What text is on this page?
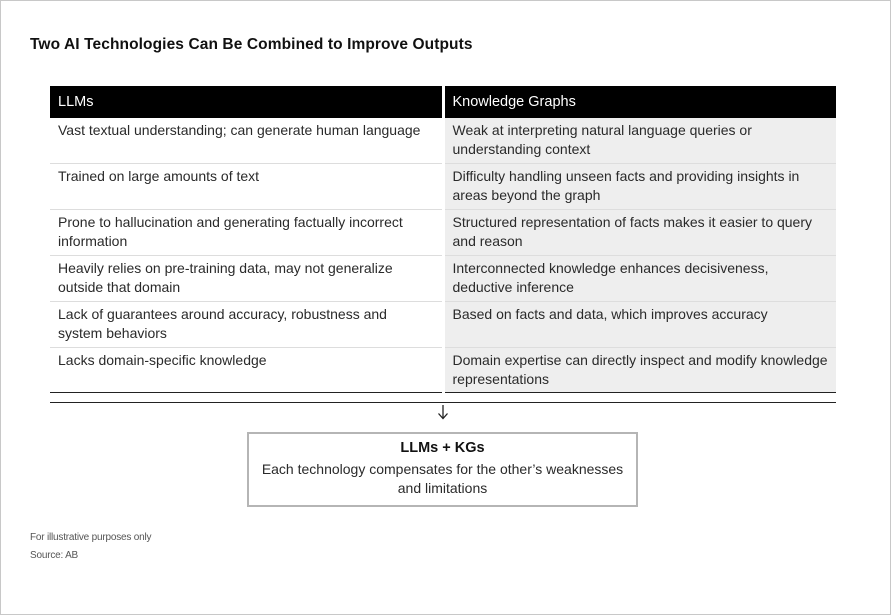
Two AI Technologies Can Be Combined to Improve Outputs
LLMs	Knowledge Graphs
Vast textual understanding; can generate human language	Weak at interpreting natural language queries or understanding context
Trained on large amounts of text	Difficulty handling unseen facts and providing insights in areas beyond the graph
Prone to hallucination and generating factually incorrect information	Structured representation of facts makes it easier to query and reason
Heavily relies on pre-training data, may not generalize outside that domain	Interconnected knowledge enhances decisiveness, deductive inference
Lack of guarantees around accuracy, robustness and system behaviors	Based on facts and data, which improves accuracy
Lacks domain-specific knowledge	Domain expertise can directly inspect and modify knowledge representations
LLMs + KGs
Each technology compensates for the other’s weaknesses and limitations
For illustrative purposes only
Source: AB
